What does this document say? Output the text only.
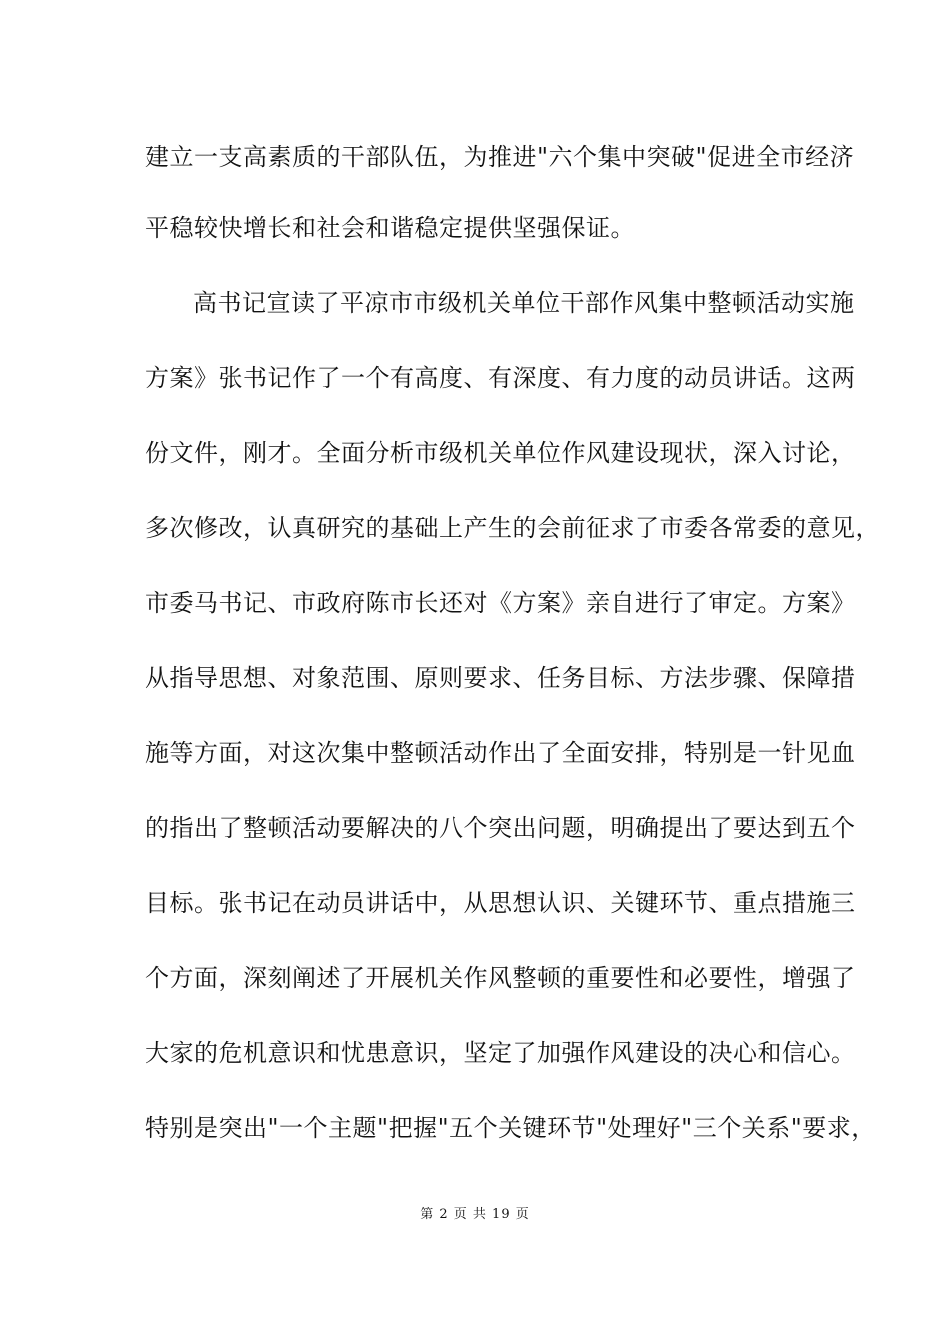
建立一支高素质的干部队伍，为推进"六个集中突破"促进全市经济
平稳较快增长和社会和谐稳定提供坚强保证。
高书记宣读了平凉市市级机关单位干部作风集中整顿活动实施
方案》张书记作了一个有高度、有深度、有力度的动员讲话。这两
份文件，刚才。全面分析市级机关单位作风建设现状，深入讨论，
多次修改，认真研究的基础上产生的会前征求了市委各常委的意见，
市委马书记、市政府陈市长还对《方案》亲自进行了审定。方案》
从指导思想、对象范围、原则要求、任务目标、方法步骤、保障措
施等方面，对这次集中整顿活动作出了全面安排，特别是一针见血
的指出了整顿活动要解决的八个突出问题，明确提出了要达到五个
目标。张书记在动员讲话中，从思想认识、关键环节、重点措施三
个方面，深刻阐述了开展机关作风整顿的重要性和必要性，增强了
大家的危机意识和忧患意识，坚定了加强作风建设的决心和信心。
特别是突出"一个主题"把握"五个关键环节"处理好"三个关系"要求，
第 2 页 共 19 页
